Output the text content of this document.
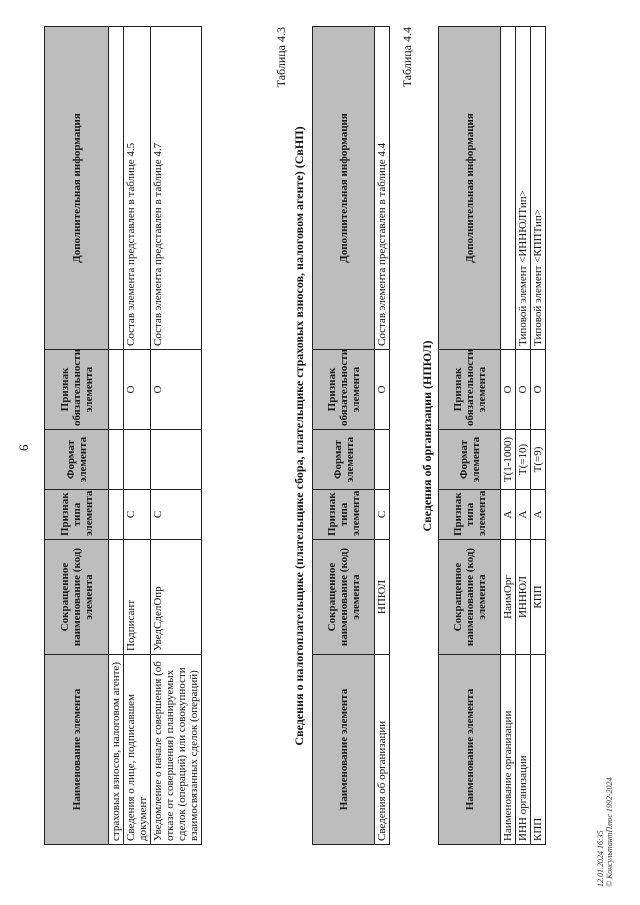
6
Наименование элемента	Сокращенное наименование (код) элемента	Признак типа элемента	Формат элемента	Признак обязательности элемента	Дополнительная информация
страховых взносов, налоговом агенте)					
Сведения о лице, подписавшем документ	Подписант	С		О	Состав элемента представлен в таблице 4.5
Уведомление о начале совершения (об отказе от совершения) планируемых сделок (операций) или совокупности взаимосвязанных сделок (операций)	УведСделОпр	С		О	Состав элемента представлен в таблице 4.7
Таблица 4.3
Сведения о налогоплательщике (плательщике сбора, плательщике страховых взносов, налоговом агенте) (СвНП)
Наименование элемента	Сокращенное наименование (код) элемента	Признак типа элемента	Формат элемента	Признак обязательности элемента	Дополнительная информация
Сведения об организации	НПЮЛ	С		О	Состав элемента представлен в таблице 4.4
Таблица 4.4
Сведения об организации (НПЮЛ)
Наименование элемента	Сокращенное наименование (код) элемента	Признак типа элемента	Формат элемента	Признак обязательности элемента	Дополнительная информация
Наименование организации	НаимОрг	А	T(1-1000)	О	
ИНН организации	ИННЮЛ	А	T(=10)	О	Типовой элемент <ИННЮЛТип>
КПП	КПП	А	T(=9)	О	Типовой элемент <КППТип>
12.01.2024 16:35 © КонсультантПлюс 1992-2024
